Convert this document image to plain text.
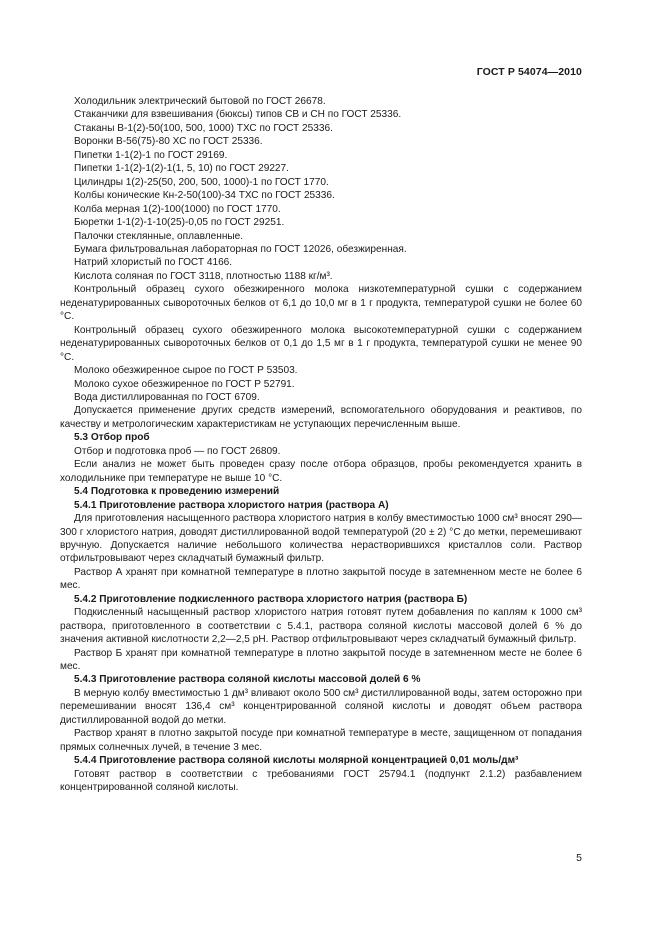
ГОСТ Р 54074—2010

Холодильник электрический бытовой по ГОСТ 26678.

Стаканчики для взвешивания (бюксы) типов СВ и СН по ГОСТ 25336.

Стаканы В-1(2)-50(100, 500, 1000) ТХС по ГОСТ 25336.

Воронки В-56(75)-80 ХС по ГОСТ 25336.

Пипетки 1-1(2)-1 по ГОСТ 29169.

Пипетки 1-1(2)-1(2)-1(1, 5, 10) по ГОСТ 29227.

Цилиндры 1(2)-25(50, 200, 500, 1000)-1 по ГОСТ 1770.

Колбы конические Кн-2-50(100)-34 ТХС по ГОСТ 25336.

Колба мерная 1(2)-100(1000) по ГОСТ 1770.

Бюретки 1-1(2)-1-10(25)-0,05 по ГОСТ 29251.

Палочки стеклянные, оплавленные.

Бумага фильтровальная лабораторная по ГОСТ 12026, обезжиренная.

Натрий хлористый по ГОСТ 4166.

Кислота соляная по ГОСТ 3118, плотностью 1188 кг/м³.

Контрольный образец сухого обезжиренного молока низкотемпературной сушки с содержанием неденатурированных сывороточных белков от 6,1 до 10,0 мг в 1 г продукта, температурой сушки не более 60 °С.

Контрольный образец сухого обезжиренного молока высокотемпературной сушки с содержанием неденатурированных сывороточных белков от 0,1 до 1,5 мг в 1 г продукта, температурой сушки не менее 90 °С.

Молоко обезжиренное сырое по ГОСТ Р 53503.

Молоко сухое обезжиренное по ГОСТ Р 52791.

Вода дистиллированная по ГОСТ 6709.

Допускается применение других средств измерений, вспомогательного оборудования и реактивов, по качеству и метрологическим характеристикам не уступающих перечисленным выше.

5.3 Отбор проб

Отбор и подготовка проб — по ГОСТ 26809.

Если анализ не может быть проведен сразу после отбора образцов, пробы рекомендуется хранить в холодильнике при температуре не выше 10 °С.

5.4 Подготовка к проведению измерений

5.4.1 Приготовление раствора хлористого натрия (раствора А)

Для приготовления насыщенного раствора хлористого натрия в колбу вместимостью 1000 см³ вносят 290—300 г хлористого натрия, доводят дистиллированной водой температурой (20 ± 2) °С до метки, перемешивают вручную. Допускается наличие небольшого количества нерастворившихся кристаллов соли. Раствор отфильтровывают через складчатый бумажный фильтр.

Раствор А хранят при комнатной температуре в плотно закрытой посуде в затемненном месте не более 6 мес.

5.4.2 Приготовление подкисленного раствора хлористого натрия (раствора Б)

Подкисленный насыщенный раствор хлористого натрия готовят путем добавления по каплям к 1000 см³ раствора, приготовленного в соответствии с 5.4.1, раствора соляной кислоты массовой долей 6 % до значения активной кислотности 2,2—2,5 pH. Раствор отфильтровывают через складчатый бумажный фильтр.

Раствор Б хранят при комнатной температуре в плотно закрытой посуде в затемненном месте не более 6 мес.

5.4.3 Приготовление раствора соляной кислоты массовой долей 6 %

В мерную колбу вместимостью 1 дм³ вливают около 500 см³ дистиллированной воды, затем осторожно при перемешивании вносят 136,4 см³ концентрированной соляной кислоты и доводят объем раствора дистиллированной водой до метки.

Раствор хранят в плотно закрытой посуде при комнатной температуре в месте, защищенном от попадания прямых солнечных лучей, в течение 3 мес.

5.4.4 Приготовление раствора соляной кислоты молярной концентрацией 0,01 моль/дм³

Готовят раствор в соответствии с требованиями ГОСТ 25794.1 (подпункт 2.1.2) разбавлением концентрированной соляной кислоты.

5
